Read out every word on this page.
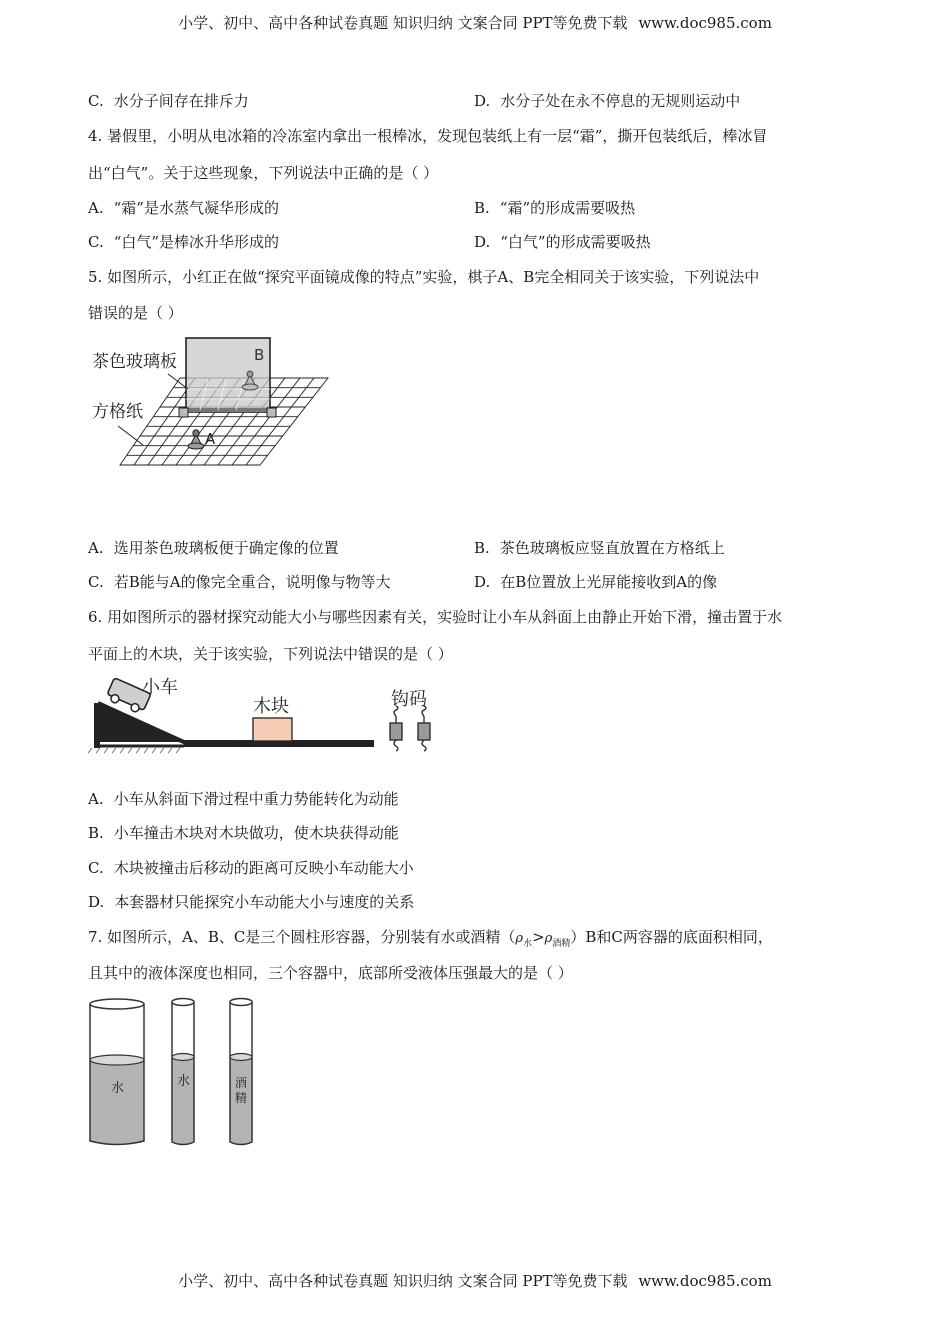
小学、初中、高中各种试卷真题 知识归纳 文案合同 PPT等免费下载 www.doc985.com
C. 水分子间存在排斥力	D. 水分子处在永不停息的无规则运动中
4. 暑假里，小明从电冰箱的冷冻室内拿出一根棒冰，发现包装纸上有一层“霜”，撕开包装纸后，棒冰冒
出“白气”。关于这些现象，下列说法中正确的是（ ）
A. “霜”是水蒸气凝华形成的	B. “霜”的形成需要吸热
C. “白气”是棒冰升华形成的	D. “白气”的形成需要吸热
5. 如图所示，小红正在做“探究平面镜成像的特点”实验，棋子A、B完全相同关于该实验，下列说法中
错误的是（ ）
B
A
茶色玻璃板
方格纸
A. 选用茶色玻璃板便于确定像的位置	B. 茶色玻璃板应竖直放置在方格纸上
C. 若B能与A的像完全重合，说明像与物等大	D. 在B位置放上光屏能接收到A的像
6. 用如图所示的器材探究动能大小与哪些因素有关，实验时让小车从斜面上由静止开始下滑，撞击置于水
平面上的木块，关于该实验，下列说法中错误的是（ ）
小车
木块	钩码
A. 小车从斜面下滑过程中重力势能转化为动能
B. 小车撞击木块对木块做功，使木块获得动能
C. 木块被撞击后移动的距离可反映小车动能大小
D. 本套器材只能探究小车动能大小与速度的关系
7. 如图所示，A、B、C是三个圆柱形容器，分别装有水或酒精$(\rho_水>\rho_{酒精})B$和C两容器的底面积相同，
且其中的液体深度也相同，三个容器中，底部所受液体压强最大的是（ ）
水	水	酒
精
小学、初中、高中各种试卷真题 知识归纳 文案合同 PPT等免费下载 www.doc985.com
